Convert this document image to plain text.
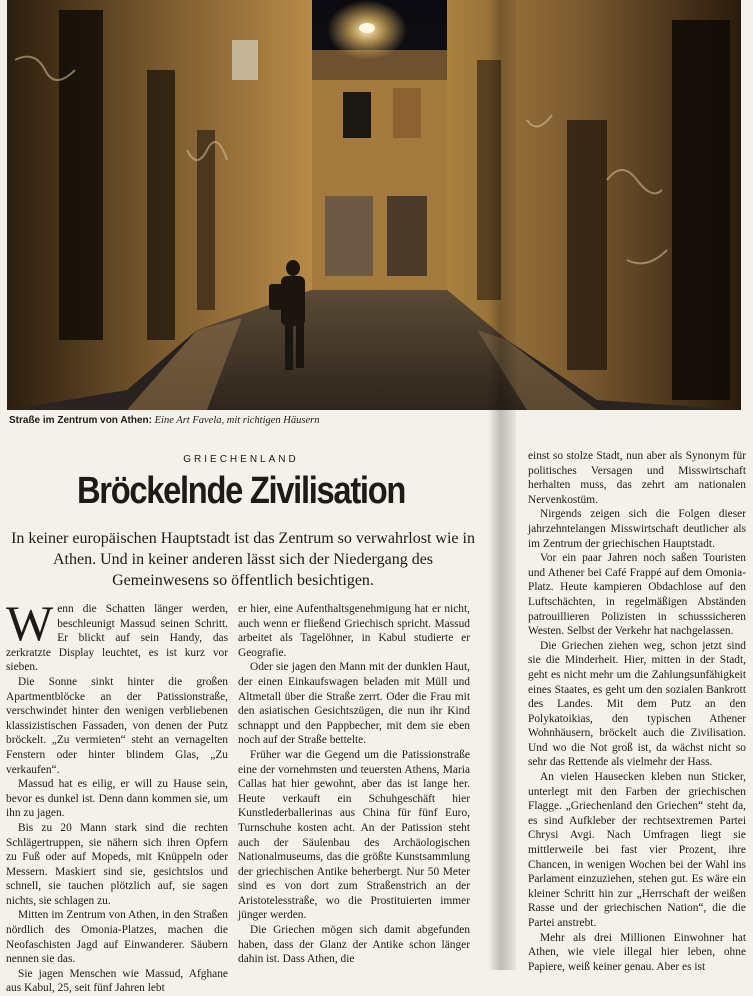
Straße im Zentrum von Athen: Eine Art Favela, mit richtigen Häusern
GRIECHENLAND
Bröckelnde Zivilisation
In keiner europäischen Hauptstadt ist das Zentrum so verwahrlost wie in Athen. Und in keiner anderen lässt sich der Niedergang des Gemeinwesens so öffentlich besichtigen.

Wenn die Schatten länger werden, beschleunigt Massud seinen Schritt. Er blickt auf sein Handy, das zerkratzte Display leuchtet, es ist kurz vor sieben.

Die Sonne sinkt hinter die großen Apartmentblöcke an der Patissionstraße, verschwindet hinter den wenigen verbliebenen klassizistischen Fassaden, von denen der Putz bröckelt. „Zu vermieten“ steht an vernagelten Fenstern oder hinter blindem Glas, „Zu verkaufen“.

Massud hat es eilig, er will zu Hause sein, bevor es dunkel ist. Denn dann kommen sie, um ihn zu jagen.

Bis zu 20 Mann stark sind die rechten Schlägertruppen, sie nähern sich ihren Opfern zu Fuß oder auf Mopeds, mit Knüppeln oder Messern. Maskiert sind sie, gesichtslos und schnell, sie tauchen plötzlich auf, sie sagen nichts, sie schlagen zu.

Mitten im Zentrum von Athen, in den Straßen nördlich des Omonia-Platzes, machen die Neofaschisten Jagd auf Einwanderer. Säubern nennen sie das.

Sie jagen Menschen wie Massud, Afghane aus Kabul, 25, seit fünf Jahren lebt

er hier, eine Aufenthaltsgenehmigung hat er nicht, auch wenn er fließend Griechisch spricht. Massud arbeitet als Tagelöhner, in Kabul studierte er Geografie.

Oder sie jagen den Mann mit der dunklen Haut, der einen Einkaufswagen beladen mit Müll und Altmetall über die Straße zerrt. Oder die Frau mit den asiatischen Gesichtszügen, die nun ihr Kind schnappt und den Pappbecher, mit dem sie eben noch auf der Straße bettelte.

Früher war die Gegend um die Patissionstraße eine der vornehmsten und teuersten Athens, Maria Callas hat hier gewohnt, aber das ist lange her. Heute verkauft ein Schuhgeschäft hier Kunstlederballerinas aus China für fünf Euro, Turnschuhe kosten acht. An der Patission steht auch der Säulenbau des Archäologischen Nationalmuseums, das die größte Kunstsammlung der griechischen Antike beherbergt. Nur 50 Meter sind es von dort zum Straßenstrich an der Aristotelesstraße, wo die Prostituierten immer jünger werden.

Die Griechen mögen sich damit abgefunden haben, dass der Glanz der Antike schon länger dahin ist. Dass Athen, die

einst so stolze Stadt, nun aber als Synonym für politisches Versagen und Misswirtschaft herhalten muss, das zehrt am nationalen Nervenkostüm.

Nirgends zeigen sich die Folgen dieser jahrzehntelangen Misswirtschaft deutlicher als im Zentrum der griechischen Hauptstadt.

Vor ein paar Jahren noch saßen Touristen und Athener bei Café Frappé auf dem Omonia-Platz. Heute kampieren Obdachlose auf den Luftschächten, in regelmäßigen Abständen patrouillieren Polizisten in schusssicheren Westen. Selbst der Verkehr hat nachgelassen.

Die Griechen ziehen weg, schon jetzt sind sie die Minderheit. Hier, mitten in der Stadt, geht es nicht mehr um die Zahlungsunfähigkeit eines Staates, es geht um den sozialen Bankrott des Landes. Mit dem Putz an den Polykatoikias, den typischen Athener Wohnhäusern, bröckelt auch die Zivilisation. Und wo die Not groß ist, da wächst nicht so sehr das Rettende als vielmehr der Hass.

An vielen Hausecken kleben nun Sticker, unterlegt mit den Farben der griechischen Flagge. „Griechenland den Griechen“ steht da, es sind Aufkleber der rechtsextremen Partei Chrysi Avgi. Nach Umfragen liegt sie mittlerweile bei fast vier Prozent, ihre Chancen, in wenigen Wochen bei der Wahl ins Parlament einzuziehen, stehen gut. Es wäre ein kleiner Schritt hin zur „Herrschaft der weißen Rasse und der griechischen Nation“, die die Partei anstrebt.

Mehr als drei Millionen Einwohner hat Athen, wie viele illegal hier leben, ohne Papiere, weiß keiner genau. Aber es ist
